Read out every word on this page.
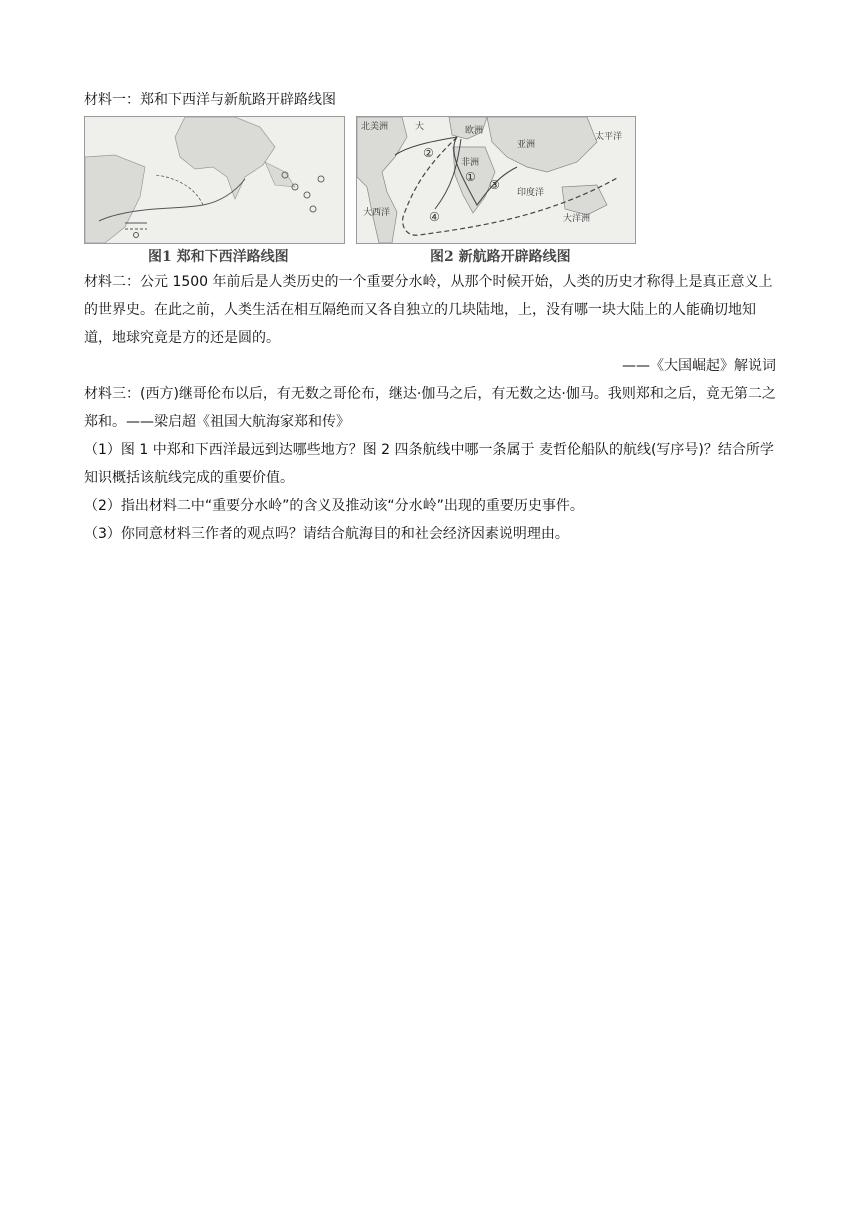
材料一：郑和下西洋与新航路开辟路线图
北美洲	大	欧洲
亚洲
非洲
太平洋
大西洋
印度洋
大洋洲
①
②
③
④
图1 郑和下西洋路线图	图2 新航路开辟路线图
材料二：公元 1500 年前后是人类历史的一个重要分水岭，从那个时候开始，人类的历史才称得上是真正意义上的世界史。在此之前，人类生活在相互隔绝而又各自独立的几块陆地，上，没有哪一块大陆上的人能确切地知道，地球究竟是方的还是圆的。
——《大国崛起》解说词
材料三：(西方)继哥伦布以后，有无数之哥伦布，继达·伽马之后，有无数之达·伽马。我则郑和之后，竟无第二之郑和。——梁启超《祖国大航海家郑和传》
（1）图 1 中郑和下西洋最远到达哪些地方？图 2 四条航线中哪一条属于 麦哲伦船队的航线(写序号)？结合所学知识概括该航线完成的重要价值。
（2）指出材料二中“重要分水岭”的含义及推动该“分水岭”出现的重要历史事件。
（3）你同意材料三作者的观点吗？请结合航海目的和社会经济因素说明理由。
